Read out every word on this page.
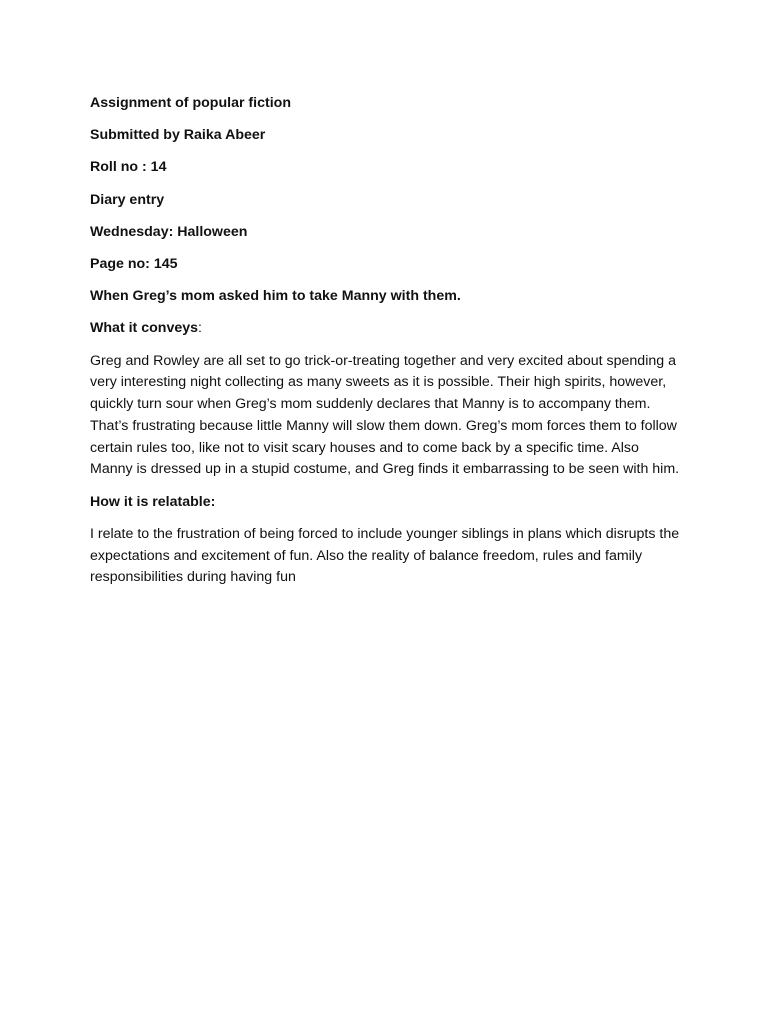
Assignment of popular fiction

Submitted by Raika Abeer

Roll no : 14

Diary entry

Wednesday: Halloween

Page no: 145

When Greg’s mom asked him to take Manny with them.

What it conveys:

Greg and Rowley are all set to go trick-or-treating together and very excited about spending a very interesting night collecting as many sweets as it is possible. Their high spirits, however, quickly turn sour when Greg’s mom suddenly declares that Manny is to accompany them. That’s frustrating because little Manny will slow them down. Greg’s mom forces them to follow certain rules too, like not to visit scary houses and to come back by a specific time. Also Manny is dressed up in a stupid costume, and Greg finds it embarrassing to be seen with him.

How it is relatable:

I relate to the frustration of being forced to include younger siblings in plans which disrupts the expectations and excitement of fun. Also the reality of balance freedom, rules and family responsibilities during having fun
